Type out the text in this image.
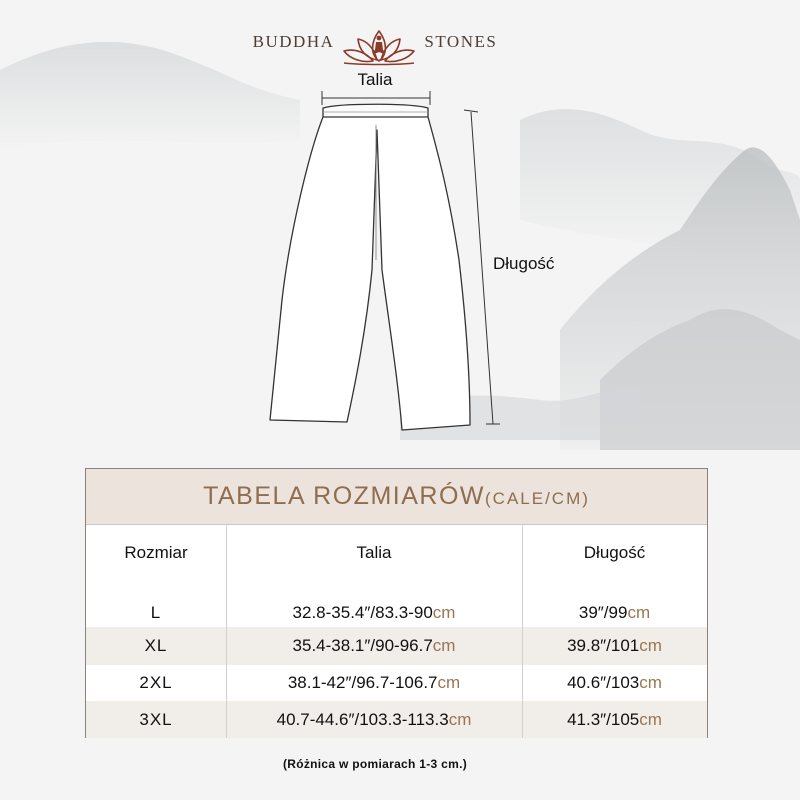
BUDDHA	STONES
Talia
Długość
TABELA ROZMIARÓW(CALE/CM)
Rozmiar	Talia	Długość
L	32.8-35.4″/83.3-90cm	39″/99cm
XL	35.4-38.1″/90-96.7cm	39.8″/101cm
2XL	38.1-42″/96.7-106.7cm	40.6″/103cm
3XL	40.7-44.6″/103.3-113.3cm	41.3″/105cm
(Różnica w pomiarach 1-3 cm.)
